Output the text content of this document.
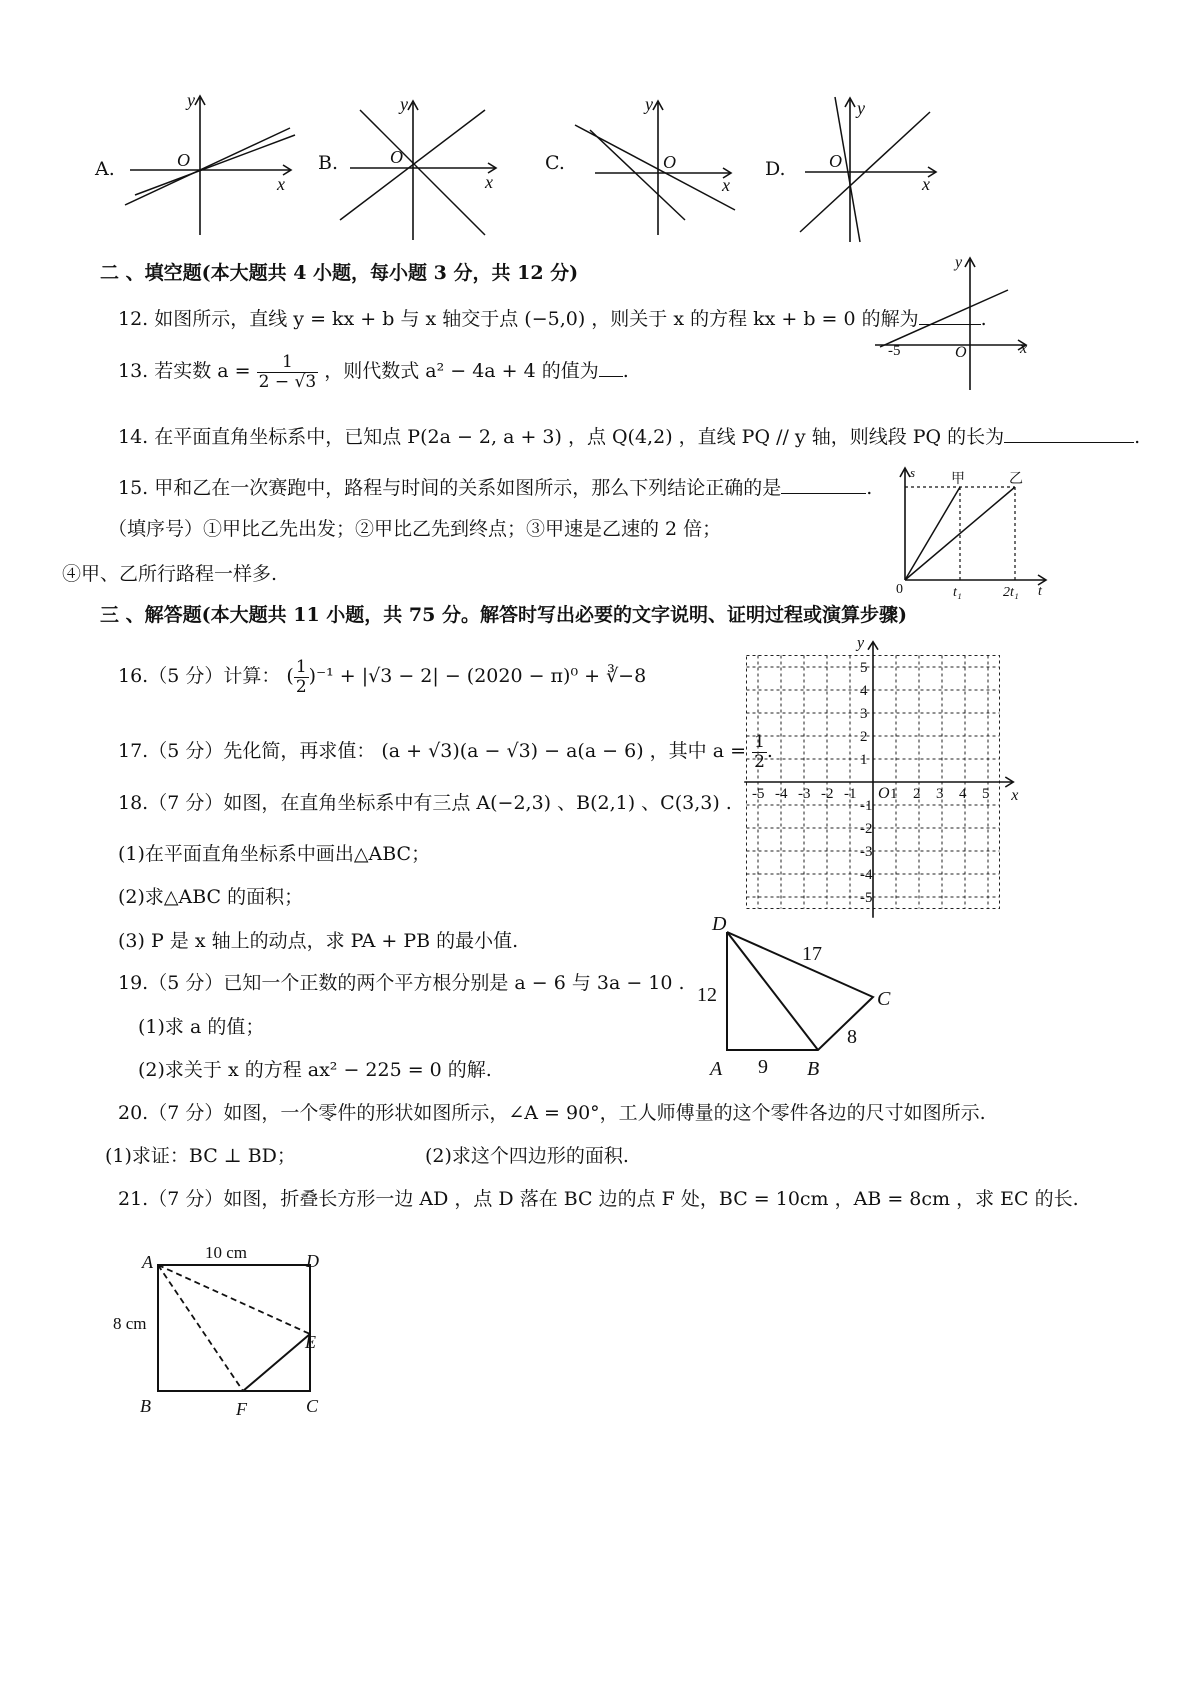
A.
y
x
O	B.
y
x
O	C.
y
x
O	D.
y
x
O
二 、填空题(本大题共 4 小题，每小题 3 分，共 12 分)
12. 如图所示，直线 y = kx + b 与 x 轴交于点 (−5,0) ，则关于 x 的方程 kx + b = 0 的解为	.
y
x
O
-5
13. 若实数 $a = \frac{1}{2 - √3}$ ，则代数式 a² − 4a + 4 的值为 .
14. 在平面直角坐标系中，已知点 P(2a − 2, a + 3) ，点 Q(4,2) ，直线 PQ // y 轴，则线段 PQ 的长为	.
15. 甲和乙在一次赛跑中，路程与时间的关系如图所示，那么下列结论正确的是	.
（填序号）①甲比乙先出发；②甲比乙先到终点；③甲速是乙速的 2 倍；
④甲、乙所行路程一样多.
s
t
0
甲	乙
t₁	2t₁
三 、解答题(本大题共 11 小题，共 75 分。解答时写出必要的文字说明、证明过程或演算步骤)
16.（5 分）计算： ( $\frac{1}{2} )^{-1} + |√3 - 2| - (2020 - \pi)^0$ + ∛−8
17.（5 分）先化简，再求值： (a + √3)(a − √3) − a(a − 6) ，其中 $a = \frac{1}{2}$ .
18.（7 分）如图，在直角坐标系中有三点 A(−2,3) 、B(2,1) 、C(3,3) .
(1)在平面直角坐标系中画出△ABC；
(2)求△ABC 的面积；
(3) P 是 x 轴上的动点，求 PA + PB 的最小值.
-5 -4 -3 -2 -1 1 2 3 4 5
5
4
3
2
1
-1
-2
-3
-4
-5
O	x
y
19.（5 分）已知一个正数的两个平方根分别是 a − 6 与 3a − 10 .
(1)求 a 的值；
(2)求关于 x 的方程 ax² − 225 = 0 的解.
D
A	B
C
12
17
9
8
20.（7 分）如图，一个零件的形状如图所示，∠A = 90°，工人师傅量的这个零件各边的尺寸如图所示.
(1)求证：BC ⊥ BD；	(2)求这个四边形的面积.
21.（7 分）如图，折叠长方形一边 AD ，点 D 落在 BC 边的点 F 处，BC = 10cm ，AB = 8cm ，求 EC 的长.
A	D
B	C
E
F
10 cm
8 cm
